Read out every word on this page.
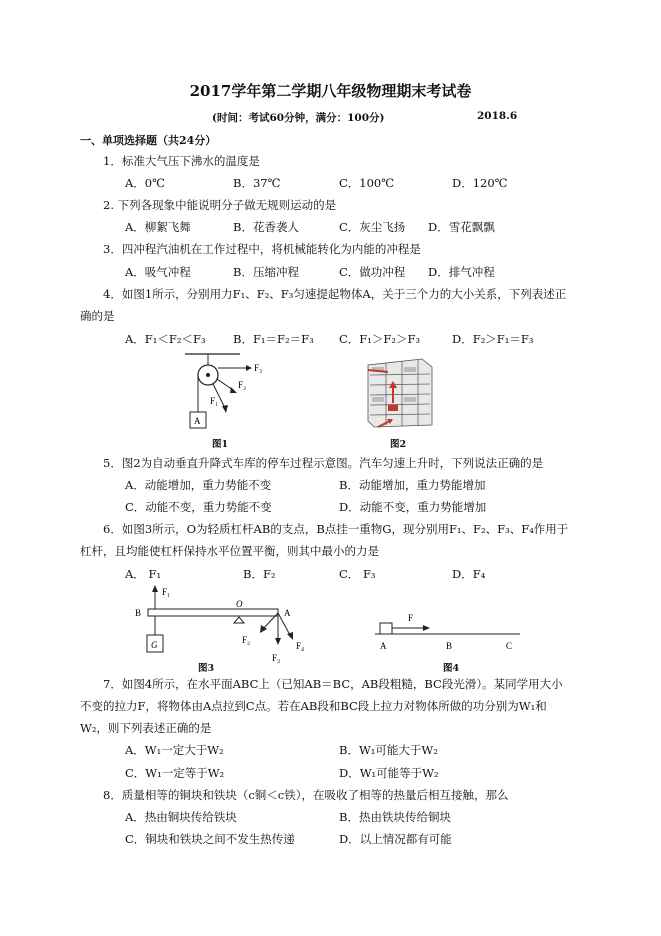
2017学年第二学期八年级物理期末考试卷
(时间：考试60分钟，满分：100分)	2018.6
一、单项选择题（共24分）
1．标准大气压下沸水的温度是
A．0℃	B．37℃	C．100℃	D．120℃
2. 下列各现象中能说明分子做无规则运动的是
A．柳絮飞舞	B．花香袭人	C．灰尘飞扬 D．雪花飘飘
3．四冲程汽油机在工作过程中，将机械能转化为内能的冲程是
A．吸气冲程	B．压缩冲程	C．做功冲程 D．排气冲程
4．如图1所示，分别用力F₁、F₂、F₃匀速提起物体A，关于三个力的大小关系，下列表述正
确的是
A．F₁＜F₂＜F₃ B．F₁＝F₂＝F₃ C．F₁＞F₂＞F₃	D．F₂＞F₁＝F₃
A
F₃
F₂
F₁
图1	图2
5．图2为自动垂直升降式车库的停车过程示意图。汽车匀速上升时，下列说法正确的是
A．动能增加，重力势能不变	B．动能增加，重力势能增加
C．动能不变，重力势能不变	D．动能不变，重力势能增加
6．如图3所示，O为轻质杠杆AB的支点，B点挂一重物G，现分别用F₁、F₂、F₃、F₄作用于
杠杆，且均能使杠杆保持水平位置平衡，则其中最小的力是
A． F₁	B．F₂	C． F₃	D．F₄
F₁
B
O
A
G	F₂
F₃
F₄
图3
F
A	B	C
图4
7．如图4所示，在水平面ABC上（已知AB＝BC，AB段粗糙，BC段光滑）。某同学用大小
不变的拉力F，将物体由A点拉到C点。若在AB段和BC段上拉力对物体所做的功分别为W₁和
W₂，则下列表述正确的是
A．W₁一定大于W₂	B．W₁可能大于W₂
C．W₁一定等于W₂	D．W₁可能等于W₂
8．质量相等的铜块和铁块（c铜＜c铁），在吸收了相等的热量后相互接触，那么
A．热由铜块传给铁块	B．热由铁块传给铜块
C．铜块和铁块之间不发生热传递	D．以上情况都有可能
